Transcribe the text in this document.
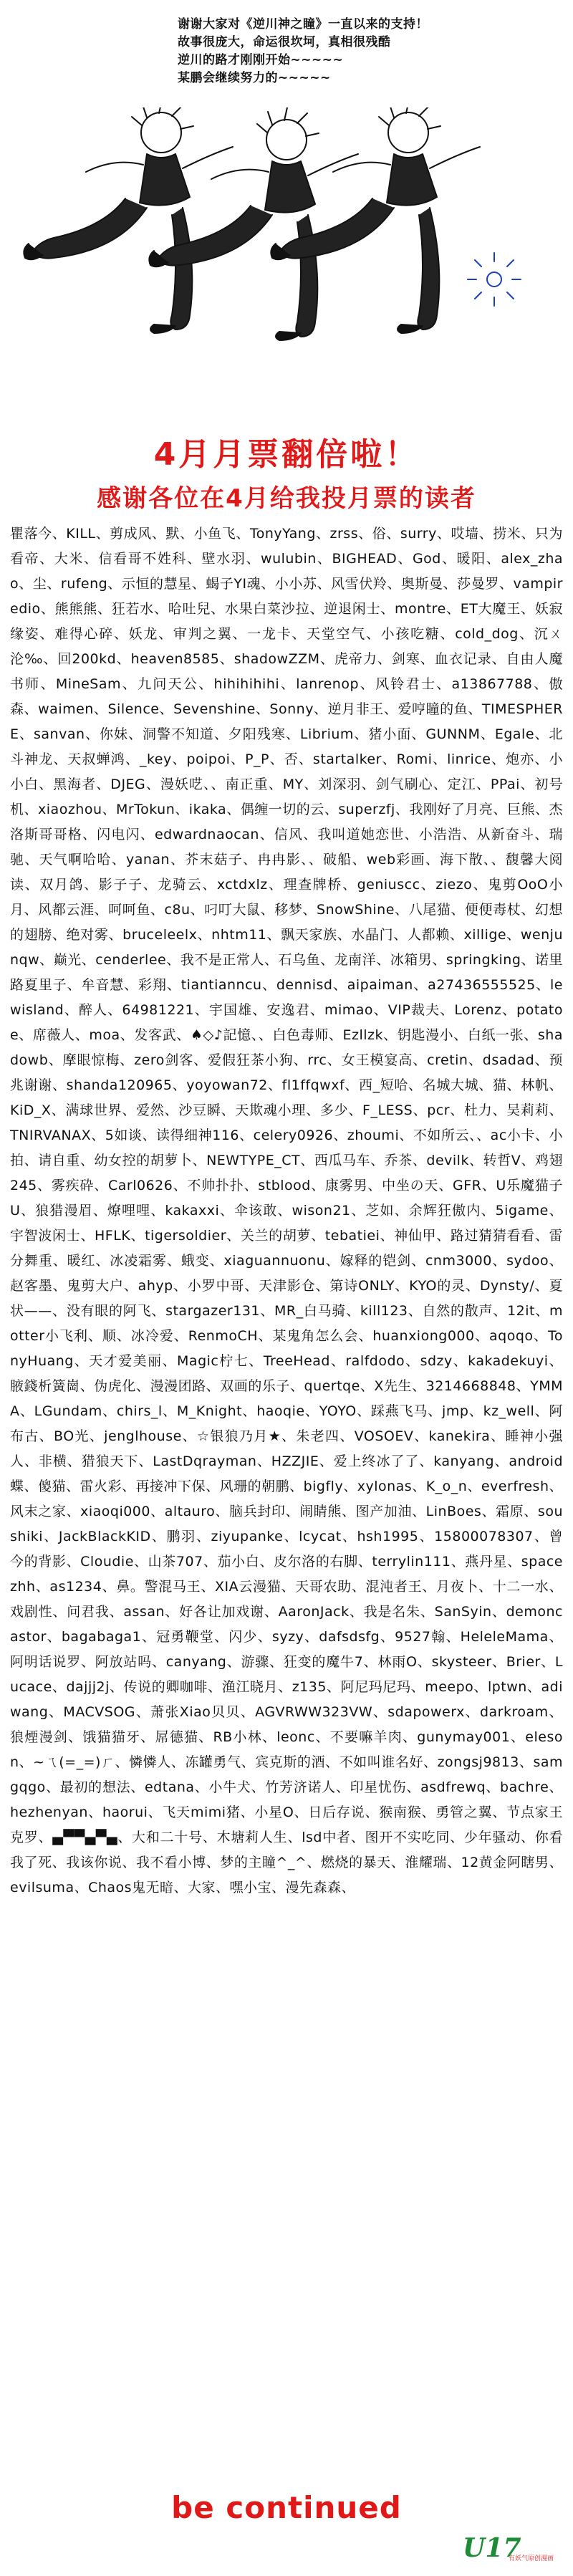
谢谢大家对《逆川神之瞳》一直以来的支持！
故事很庞大，命运很坎坷，真相很残酷
逆川的路才刚刚开始~~~~~
某鹏会继续努力的~~~~~
4月月票翻倍啦！
感谢各位在4月给我投月票的读者
瞿落今、KILL、剪成风、默、小鱼飞、TonyYang、zrss、俗、surry、哎墙、捞米、只为看帝、大米、信看哥不姓科、壁水羽、wulubin、BIGHEAD、God、暖阳、alex_zhao、尘、rufeng、示恒的慧星、蝎子YI魂、小小苏、风雪伏羚、奥斯曼、莎曼罗、vampiredio、熊熊熊、狂若水、哈吐兒、水果白菜沙拉、逆退闲士、montre、ET大魔王、妖寂缘姿、难得心碎、妖龙、审判之翼、一龙卡、天堂空气、小孩吃糖、cold_dog、沉ㄨ沦‰、回200kd、heaven8585、shadowZZM、虎帝力、剑寒、血衣记录、自由人魔书师、MineSam、九问天公、hihihihihi、lanrenop、风铃君士、a13867788、傲森、waimen、Silence、Sevenshine、Sonny、逆月非王、爱哼瞳的鱼、TIMESPHERE、sanvan、你妹、洞警不知道、夕阳残寒、Librium、猪小面、GUNNM、Egale、北斗神龙、天叔蝉鸿、_key、poipoi、P_P、否、startalker、Romi、linrice、炮亦、小小白、黑海者、DJEG、漫妖呓、、南正重、MY、刘深羽、剑气刷心、定江、PPai、初号机、xiaozhou、MrTokun、ikaka、偶缠一切的云、superzfj、我刚好了月亮、巨熊、杰洛斯哥哥格、闪电闪、edwardnaocan、信风、我叫道她恋世、小浩浩、从新奋斗、瑞驰、天气啊哈哈、yanan、芥末菇子、冉冉影、、破船、web彩画、海下散、、馥馨大阅读、双月鸽、影子子、龙骑云、xctdxlz、理查牌桥、geniuscc、ziezo、鬼剪OoO小月、风都云涯、呵呵鱼、c8u、叼叮大鼠、移梦、SnowShine、八尾猫、便便毒杖、幻想的翅膀、绝对雾、bruceleelx、nhtm11、飘天家族、水晶门、人都赖、xillige、wenjunqw、巅光、cenderlee、我不是正常人、石乌鱼、龙南洋、冰箱男、springking、诺里路夏里子、牟音慧、彩翔、tiantianncu、dennisd、aipaiman、a27436555525、lewisland、醉人、64981221、宇国雄、安逸君、mimao、VIP裁夫、Lorenz、potatoe、席薇人、moa、发客武、♠◇♪記憶、、白色毒师、Ezllzk、钥匙漫小、白纸一张、shadowb、摩眼惊梅、zero剑客、爱假狂茶小狗、rrc、女王模宴高、cretin、dsadad、预兆谢谢、shanda120965、yoyowan72、fl1ffqwxf、西_短哈、名城大城、猫、林帆、KiD_X、满球世界、爱然、沙豆瞬、天欺魂小理、多少、F_LESS、pcr、杜力、吴莉莉、TNIRVANAX、5如谈、读得细神116、celery0926、zhoumi、不如所云、、ac小卡、小拍、请自重、幼女控的胡萝卜、NEWTYPE_CT、西瓜马车、乔茶、devilk、转哲V、鸡翅245、雾疾砕、Carl0626、不帅扑扑、stblood、康雾男、中坐の天、GFR、U乐魔猫子U、狼猎漫眉、燎哩哩、kakaxxi、伞该敢、wison21、芝如、余辉狂傲内、5igame、宇智波闲士、HFLK、tigersoldier、关兰的胡萝、tebatiei、神仙甲、路过猜猜看看、雷分舞重、暖红、冰凌霜雾、蛾变、xiaguannuonu、嫁释的铠剑、cnm3000、sydoo、赵客墨、鬼剪大户、ahyp、小罗中哥、天津影仓、第诗ONLY、KYO的灵、Dynsty/、夏状——、没有眼的阿飞、stargazer131、MR_白马骑、kill123、自然的散声、12it、motter小飞利、顺、冰冷爱、RenmoCH、某鬼角怎么会、huanxiong000、aqoqo、TonyHuang、天才爱美丽、Magic柠七、TreeHead、ralfdodo、sdzy、kakadekuyi、腋錢析簧崗、伪虎化、漫漫团路、双画的乐子、quertqe、X先生、3214668848、YMMA、LGundam、chirs_l、M_Knight、haoqie、YOYO、踩燕飞马、jmp、kz_well、阿布古、BO光、jenglhouse、☆银狼乃月★、朱老四、VOSOEV、kanekira、睡神小强人、非横、猎狼天下、LastDqrayman、HZZJIE、爱上终冰了了、kanyang、android蝶、傻猫、雷火彩、再接冲下保、风珊的朝鹏、bigfly、xylonas、K_o_n、everfresh、风末之家、xiaoqi000、altauro、脑兵封印、闹睛熊、图产加油、LinBoes、霜原、soushiki、JackBlackKID、鹏羽、ziyupanke、lcycat、hsh1995、15800078307、曾今的背影、Cloudie、山茶707、茄小白、皮尔洛的右脚、terrylin111、燕丹星、spacezhh、as1234、鼻。警混马王、XIA云漫猫、天哥农助、混沌者王、月夜卜、十二一水、戏剧性、问君我、assan、好各让加戏谢、AaronJack、我是名朱、SanSyin、demoncastor、bagabaga1、冠勇鞭堂、闪少、syzy、dafsdsfg、9527翰、HeleleMama、阿明话说罗、阿放站吗、canyang、游骤、狂变的魔牛7、林雨O、skysteer、Brier、Lucace、dajjj2j、传说的卿咖啡、渔江晓月、z135、阿尼玛尼玛、meepo、lptwn、adiwang、MACVSOG、萧张Xiao贝贝、AGVRWW323VW、sdapowerx、darkroam、狼煙漫剑、饿猫猫牙、屌德猫、RB小林、leonc、不要嘛羊肉、gunymay001、eleson、~ㄟ(=_=)ㄏ、憐憐人、冻罐勇气、宾克斯的酒、不如叫谁名好、zongsj9813、samgqgo、最初的想法、edtana、小牛犬、竹芳济诺人、印星忧伤、asdfrewq、bachre、hezhenyan、haorui、飞天mimi猪、小星O、日后存说、猴南猴、勇管之翼、节点家王克罗、▄▀▀▄▀▄、大和二十号、木塘莉人生、lsd中者、图开不实吃同、少年骚动、你看我了死、我该你说、我不看小博、梦的主瞳^_^、燃烧的暴天、淮耀瑞、12黄金阿瞎男、evilsuma、Chaos鬼无暗、大家、嘿小宝、漫先森森、
be continued
U17
有妖气原创漫画
